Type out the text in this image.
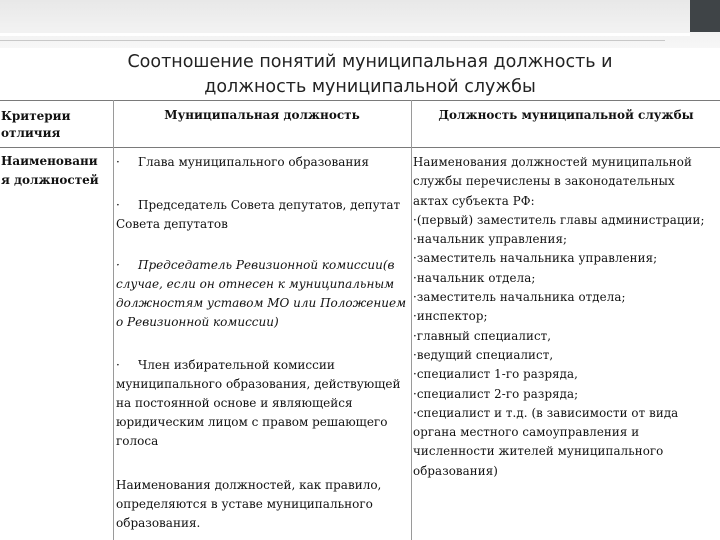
Соотношение понятий муниципальная должность и
должность муниципальной службы
Критерии
отличия
Муниципальная должность	Должность муниципальной службы
Наименовани
я должностей

· Глава муниципального образования

· Председатель Совета депутатов, депутат

Совета депутатов

· Председатель Ревизионной комиссии(в

случае, если он отнесен к муниципальным

должностям уставом МО или Положением

о Ревизионной комиссии)

· Член избирательной комиссии

муниципального образования, действующей

на постоянной основе и являющейся

юридическим лицом с правом решающего

голоса

Наименования должностей, как правило,

определяются в уставе муниципального

образования.

Наименования должностей муниципальной

службы перечислены в законодательных

актах субъекта РФ:

·(первый) заместитель главы администрации;

·начальник управления;

·заместитель начальника управления;

·начальник отдела;

·заместитель начальника отдела;

·инспектор;

·главный специалист,

·ведущий специалист,

·специалист 1-го разряда,

·специалист 2-го разряда;

·специалист и т.д. (в зависимости от вида

органа местного самоуправления и

численности жителей муниципального

образования)
